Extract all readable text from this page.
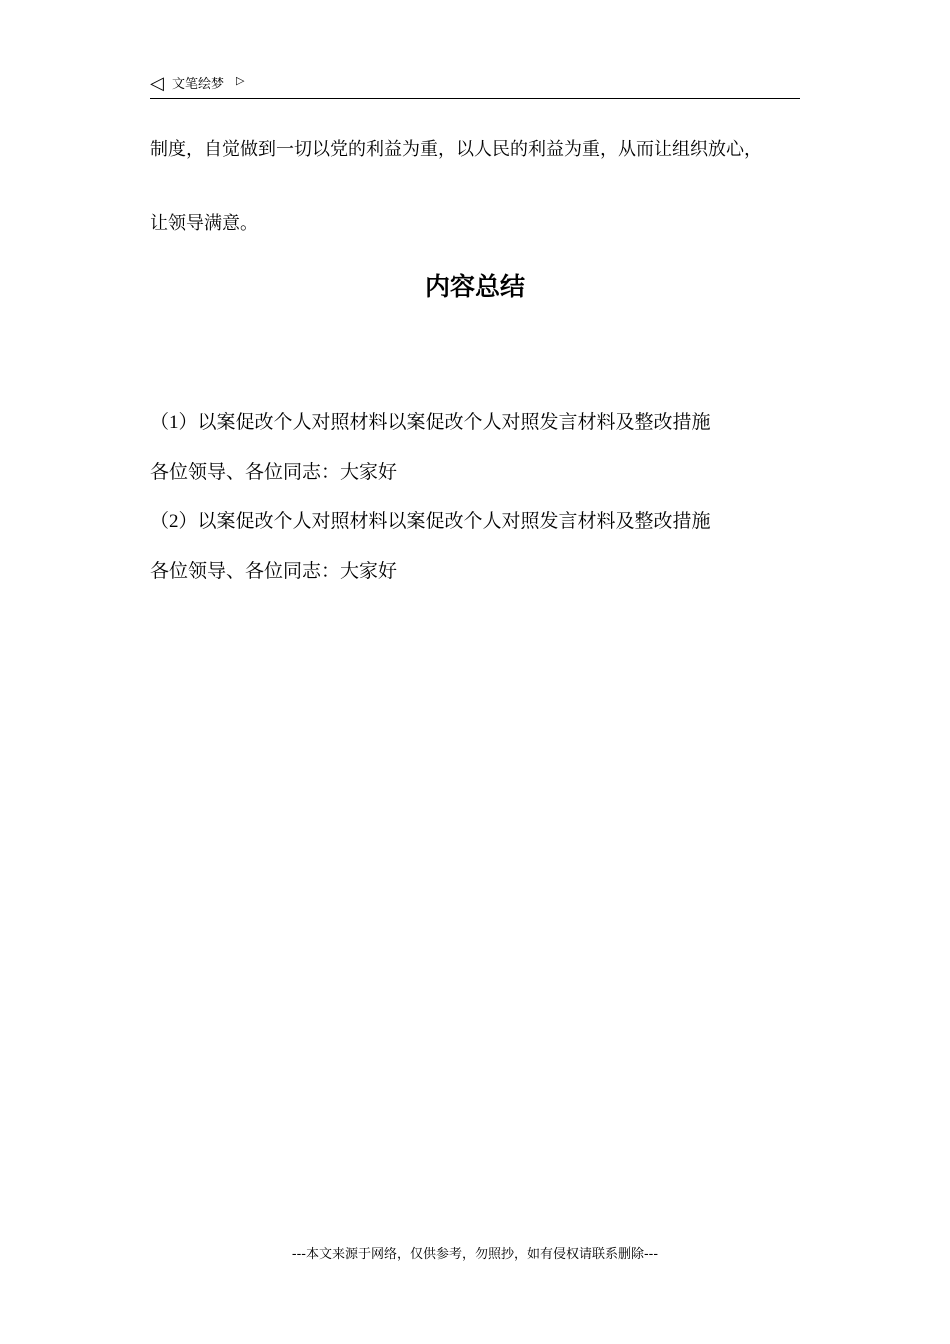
◁ 文笔绘梦 ▷
制度，自觉做到一切以党的利益为重，以人民的利益为重，从而让组织放心，
让领导满意。
内容总结
（1）以案促改个人对照材料以案促改个人对照发言材料及整改措施
各位领导、各位同志：大家好
（2）以案促改个人对照材料以案促改个人对照发言材料及整改措施
各位领导、各位同志：大家好
---本文来源于网络，仅供参考，勿照抄，如有侵权请联系删除---
